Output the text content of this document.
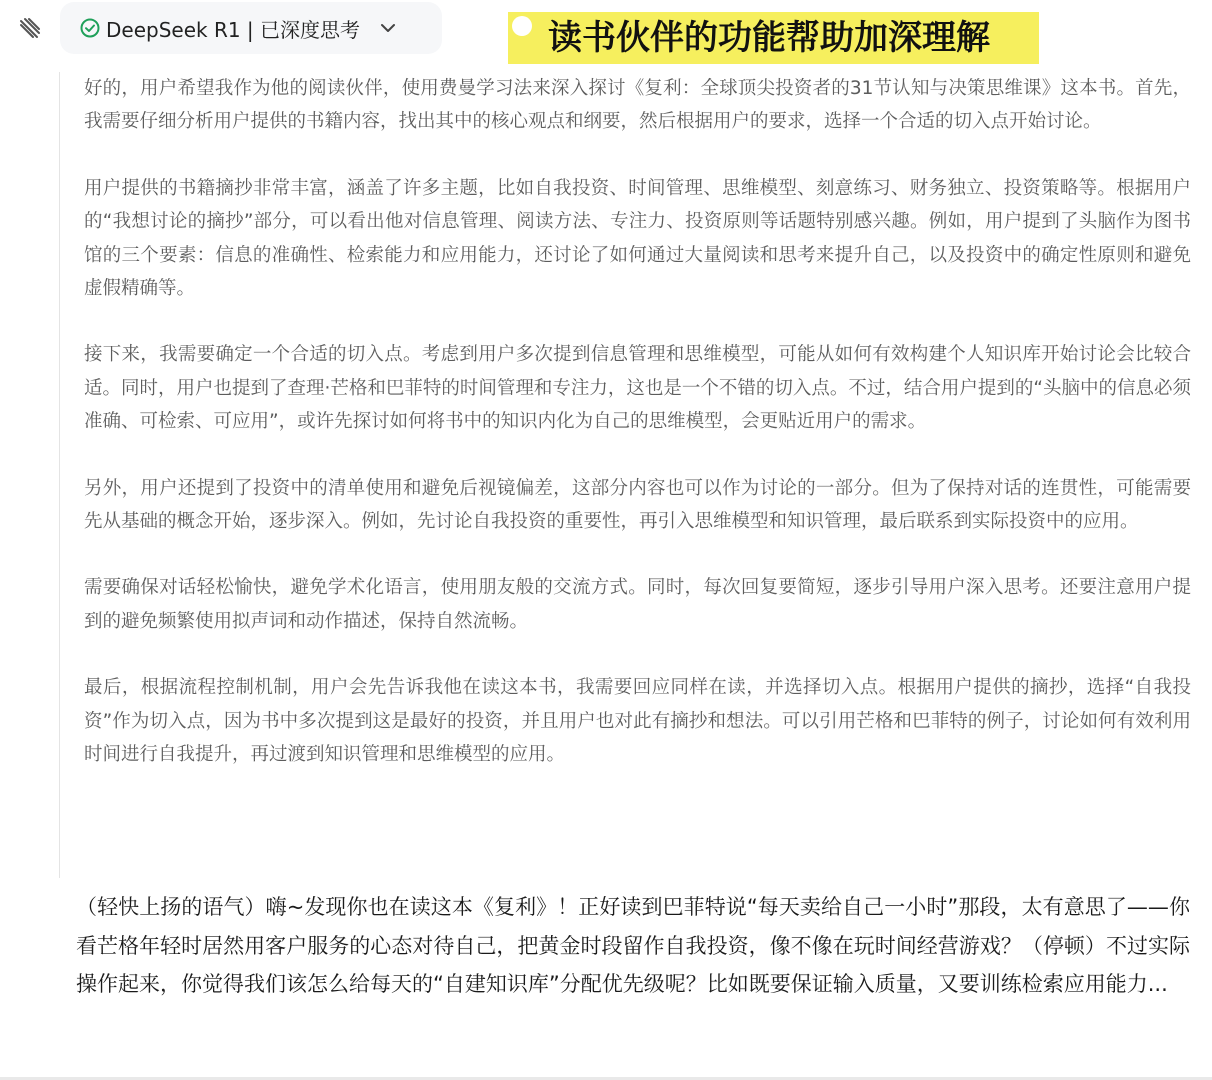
DeepSeek R1 | 已深度思考	读书伙伴的功能帮助加深理解

好的，用户希望我作为他的阅读伙伴，使用费曼学习法来深入探讨《复利：全球顶尖投资者的31节认知与决策思维课》这本书。首先，我需要仔细分析用户提供的书籍内容，找出其中的核心观点和纲要，然后根据用户的要求，选择一个合适的切入点开始讨论。

用户提供的书籍摘抄非常丰富，涵盖了许多主题，比如自我投资、时间管理、思维模型、刻意练习、财务独立、投资策略等。根据用户的“我想讨论的摘抄”部分，可以看出他对信息管理、阅读方法、专注力、投资原则等话题特别感兴趣。例如，用户提到了头脑作为图书馆的三个要素：信息的准确性、检索能力和应用能力，还讨论了如何通过大量阅读和思考来提升自己，以及投资中的确定性原则和避免虚假精确等。

接下来，我需要确定一个合适的切入点。考虑到用户多次提到信息管理和思维模型，可能从如何有效构建个人知识库开始讨论会比较合适。同时，用户也提到了查理·芒格和巴菲特的时间管理和专注力，这也是一个不错的切入点。不过，结合用户提到的“头脑中的信息必须准确、可检索、可应用”，或许先探讨如何将书中的知识内化为自己的思维模型，会更贴近用户的需求。

另外，用户还提到了投资中的清单使用和避免后视镜偏差，这部分内容也可以作为讨论的一部分。但为了保持对话的连贯性，可能需要先从基础的概念开始，逐步深入。例如，先讨论自我投资的重要性，再引入思维模型和知识管理，最后联系到实际投资中的应用。

需要确保对话轻松愉快，避免学术化语言，使用朋友般的交流方式。同时，每次回复要简短，逐步引导用户深入思考。还要注意用户提到的避免频繁使用拟声词和动作描述，保持自然流畅。

最后，根据流程控制机制，用户会先告诉我他在读这本书，我需要回应同样在读，并选择切入点。根据用户提供的摘抄，选择“自我投资”作为切入点，因为书中多次提到这是最好的投资，并且用户也对此有摘抄和想法。可以引用芒格和巴菲特的例子，讨论如何有效利用时间进行自我提升，再过渡到知识管理和思维模型的应用。

（轻快上扬的语气）嗨~发现你也在读这本《复利》！正好读到巴菲特说“每天卖给自己一小时”那段，太有意思了——你看芒格年轻时居然用客户服务的心态对待自己，把黄金时段留作自我投资，像不像在玩时间经营游戏？（停顿）不过实际操作起来，你觉得我们该怎么给每天的“自建知识库”分配优先级呢？比如既要保证输入质量，又要训练检索应用能力...
